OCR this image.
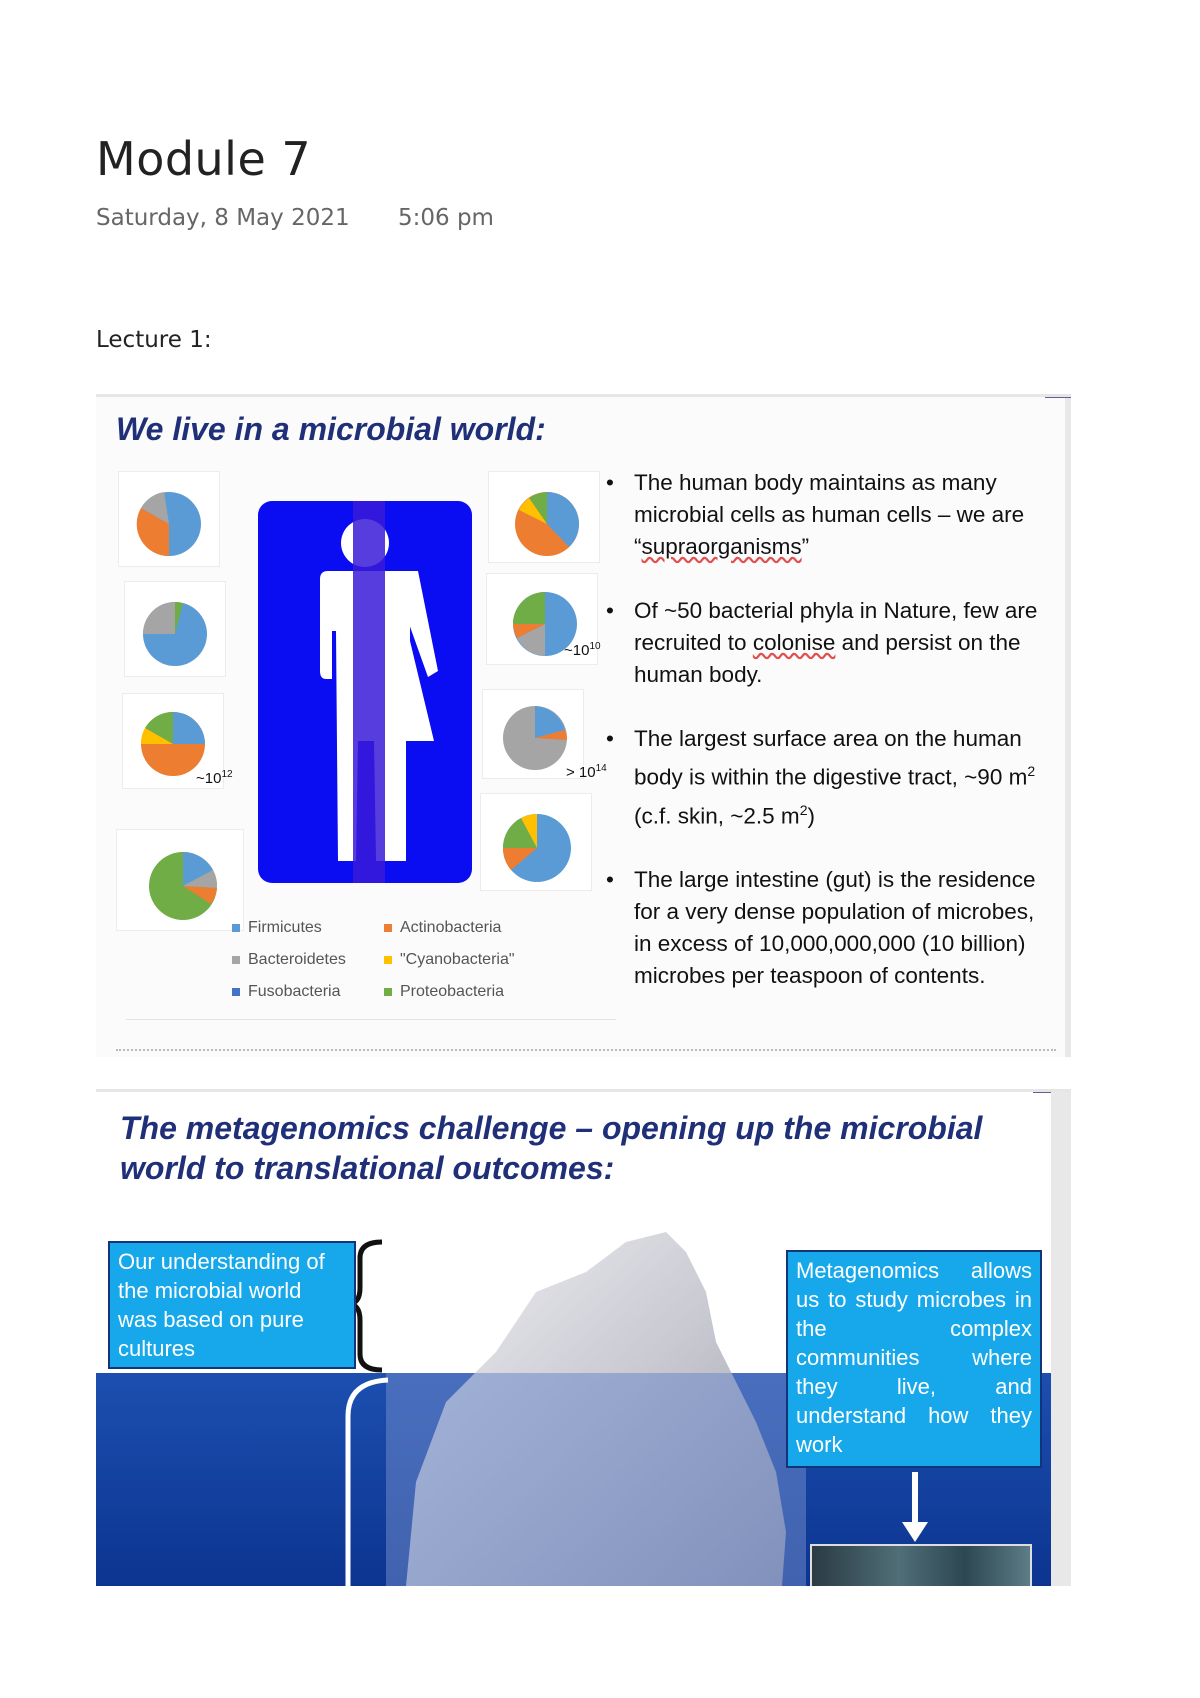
Module 7
Saturday, 8 May 2021 5:06 pm
Lecture 1:
We live in a microbial world:
$\sim 10^{12}$
$\sim 10^{10}$
> $10^{14}$
Firmicutes	Actinobacteria
Bacteroidetes	"Cyanobacteria"
Fusobacteria	Proteobacteria
• The human body maintains as many microbial cells as human cells – we are “supraorganisms”
• Of ~50 bacterial phyla in Nature, few are recruited to colonise and persist on the human body.
• The largest surface area on the human body is within the digestive tract, ~90 $m^2$ (c.f. skin, ~2.5 $m^2$)
• The large intestine (gut) is the residence for a very dense population of microbes, in excess of 10,000,000,000 (10 billion) microbes per teaspoon of contents.
The metagenomics challenge – opening up the microbial world to translational outcomes:
Our understanding of the microbial world was based on pure cultures
Metagenomics allows us to study microbes in the complex communities where they live, and understand how they work
